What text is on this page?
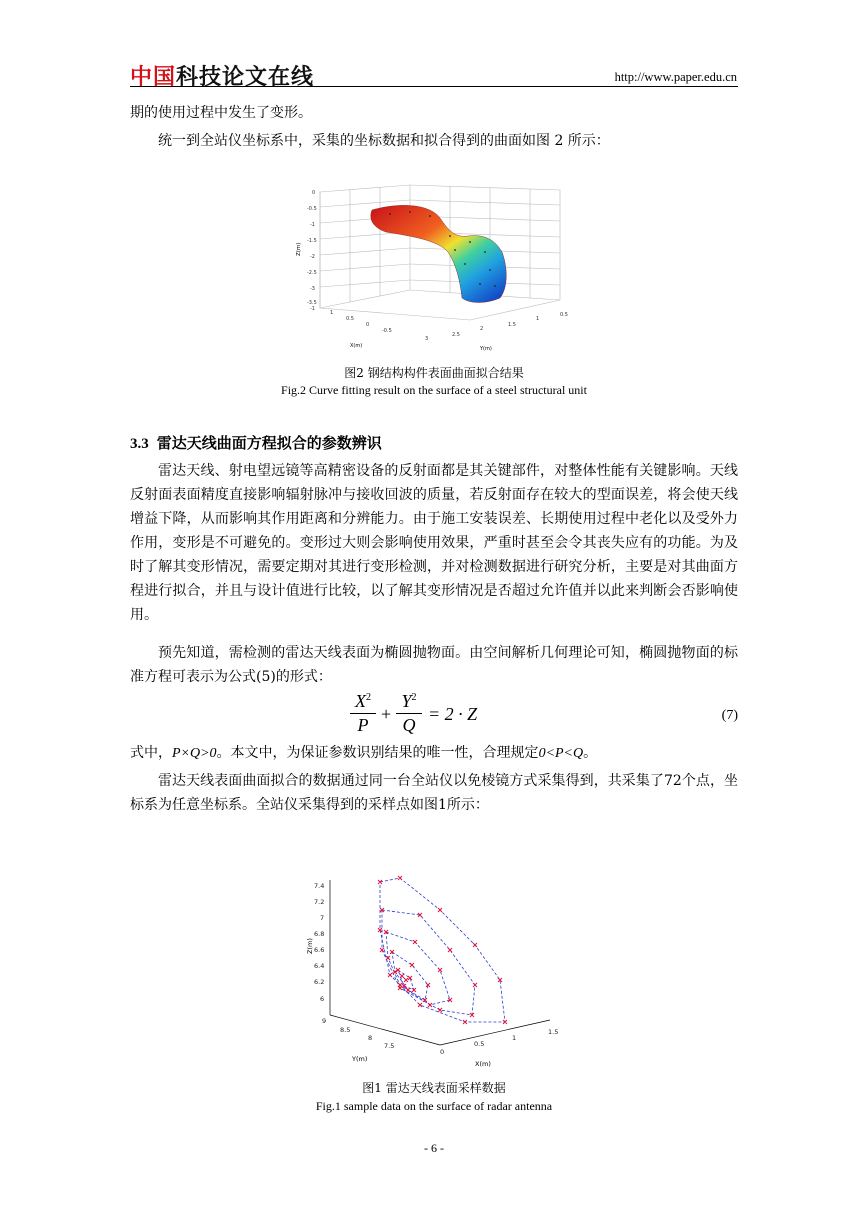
中国科技论文在线	http://www.paper.edu.cn

期的使用过程中发生了变形。

统一到全站仪坐标系中，采集的坐标数据和拟合得到的曲面如图 2 所示：

Z(m)
0
-0.5
-1
-1.5
-2
-2.5
-3
-3.5
-1
1
0.5
0
-0.5
X(m)
3
2.5
2
1.5
1
0.5
Y(m)
图2 钢结构构件表面曲面拟合结果
Fig.2 Curve fitting result on the surface of a steel structural unit
3.3 雷达天线曲面方程拟合的参数辨识

雷达天线、射电望远镜等高精密设备的反射面都是其关键部件，对整体性能有关键影响。天线反射面表面精度直接影响辐射脉冲与接收回波的质量，若反射面存在较大的型面误差，将会使天线增益下降，从而影响其作用距离和分辨能力。由于施工安装误差、长期使用过程中老化以及受外力作用，变形是不可避免的。变形过大则会影响使用效果，严重时甚至会令其丧失应有的功能。为及时了解其变形情况，需要定期对其进行变形检测，并对检测数据进行研究分析，主要是对其曲面方程进行拟合，并且与设计值进行比较，以了解其变形情况是否超过允许值并以此来判断会否影响使用。

预先知道，需检测的雷达天线表面为椭圆抛物面。由空间解析几何理论可知，椭圆抛物面的标准方程可表示为公式(5)的形式：

$X^2$
P
+
$Y^2$
Q
= 2 · Z	(7)

式中，P×Q>0。本文中，为保证参数识别结果的唯一性，合理规定0<P<Q。

雷达天线表面曲面拟合的数据通过同一台全站仪以免棱镜方式采集得到，共采集了72个点，坐标系为任意坐标系。全站仪采集得到的采样点如图1所示：

7.4
7.2
7
6.8
6.6
6.4
6.2
6
Z(m)
9
8.5
8
7.5
Y(m)
0
0.5
1
1.5
X(m)
图1 雷达天线表面采样数据
Fig.1 sample data on the surface of radar antenna
- 6 -
